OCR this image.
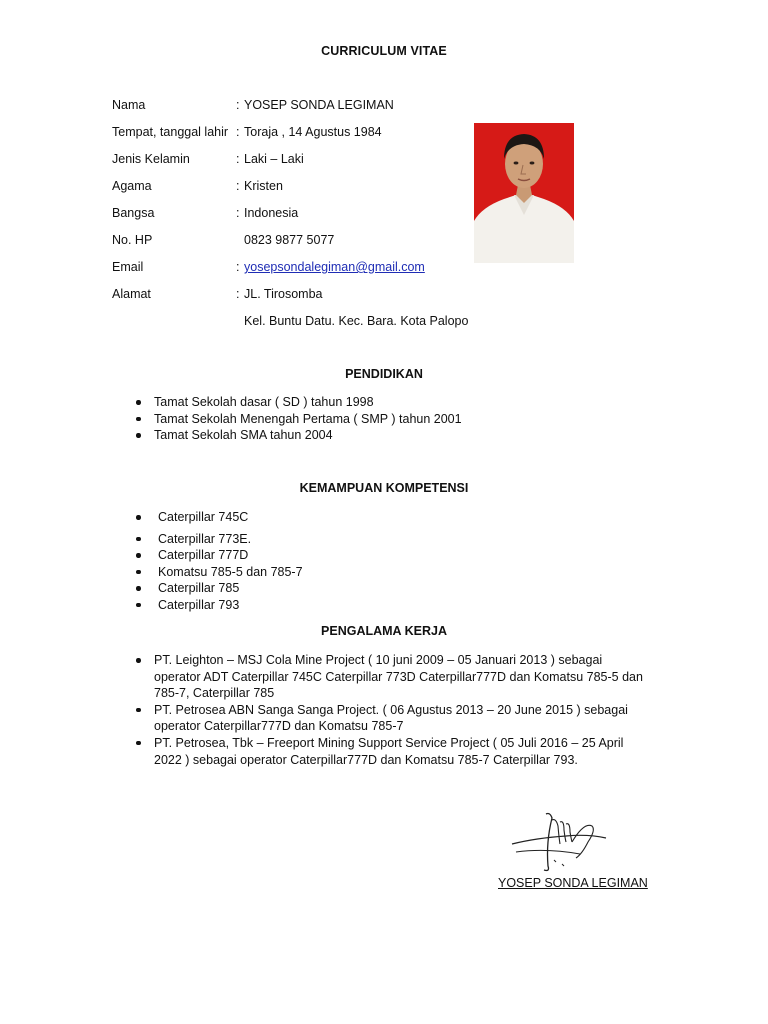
CURRICULUM VITAE
Nama	: YOSEP SONDA LEGIMAN
Tempat, tanggal lahir : Toraja , 14 Agustus 1984
Jenis Kelamin	: Laki – Laki
Agama	: Kristen
Bangsa	: Indonesia
No. HP	0823 9877 5077
Email	: yosepsondalegiman@gmail.com
Alamat	: JL. Tirosomba
Kel. Buntu Datu. Kec. Bara. Kota Palopo
PENDIDIKAN
Tamat Sekolah dasar ( SD ) tahun 1998
Tamat Sekolah Menengah Pertama ( SMP ) tahun 2001
Tamat Sekolah SMA tahun 2004
KEMAMPUAN KOMPETENSI
Caterpillar 745C
Caterpillar 773E.
Caterpillar 777D
Komatsu 785-5 dan 785-7
Caterpillar 785
Caterpillar 793
PENGALAMA KERJA
PT. Leighton – MSJ Cola Mine Project ( 10 juni 2009 – 05 Januari 2013 ) sebagai operator ADT Caterpillar 745C Caterpillar 773D Caterpillar777D dan Komatsu 785-5 dan 785-7, Caterpillar 785
PT. Petrosea ABN Sanga Sanga Project. ( 06 Agustus 2013 – 20 June 2015 ) sebagai operator Caterpillar777D dan Komatsu 785-7
PT. Petrosea, Tbk – Freeport Mining Support Service Project ( 05 Juli 2016 – 25 April 2022 ) sebagai operator Caterpillar777D dan Komatsu 785-7 Caterpillar 793.
YOSEP SONDA LEGIMAN
